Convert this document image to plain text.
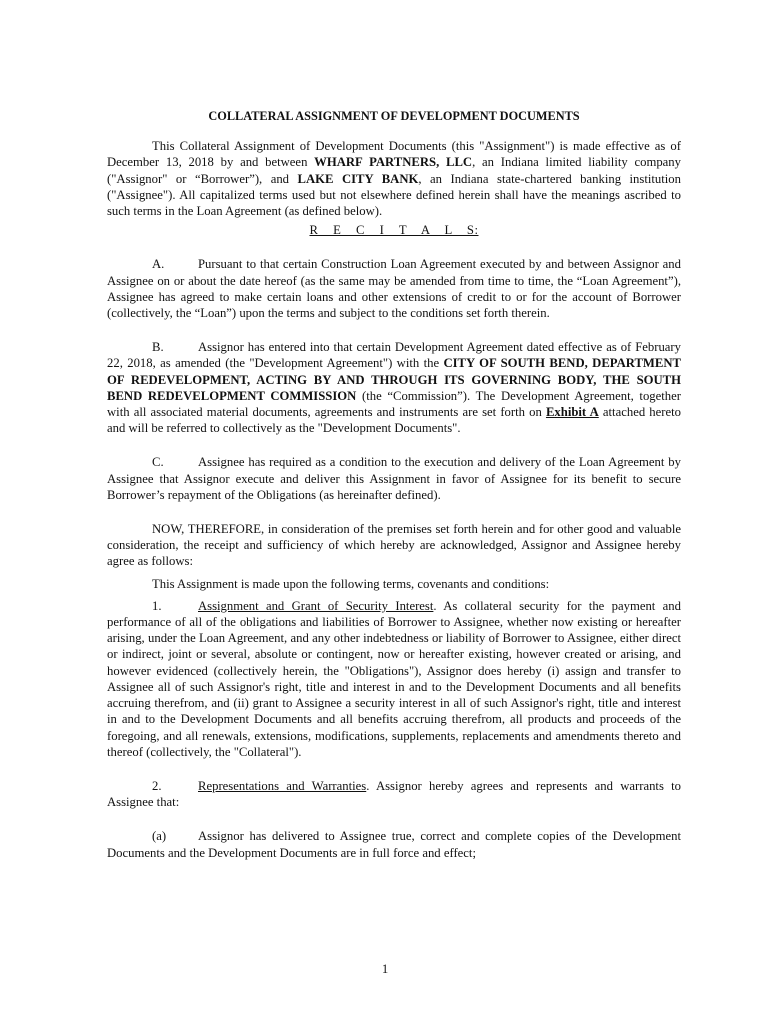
COLLATERAL ASSIGNMENT OF DEVELOPMENT DOCUMENTS

This Collateral Assignment of Development Documents (this "Assignment") is made effective as of December 13, 2018 by and between WHARF PARTNERS, LLC, an Indiana limited liability company ("Assignor" or “Borrower”), and LAKE CITY BANK, an Indiana state-chartered banking institution ("Assignee"). All capitalized terms used but not elsewhere defined herein shall have the meanings ascribed to such terms in the Loan Agreement (as defined below).

R E C I T A L S:

A.	Pursuant to that certain Construction Loan Agreement executed by and between Assignor and Assignee on or about the date hereof (as the same may be amended from time to time, the “Loan Agreement”), Assignee has agreed to make certain loans and other extensions of credit to or for the account of Borrower (collectively, the “Loan”) upon the terms and subject to the conditions set forth therein.

B.	Assignor has entered into that certain Development Agreement dated effective as of February 22, 2018, as amended (the "Development Agreement") with the CITY OF SOUTH BEND, DEPARTMENT OF REDEVELOPMENT, ACTING BY AND THROUGH ITS GOVERNING BODY, THE SOUTH BEND REDEVELOPMENT COMMISSION (the “Commission”). The Development Agreement, together with all associated material documents, agreements and instruments are set forth on Exhibit A attached hereto and will be referred to collectively as the "Development Documents".

C.	Assignee has required as a condition to the execution and delivery of the Loan Agreement by Assignee that Assignor execute and deliver this Assignment in favor of Assignee for its benefit to secure Borrower’s repayment of the Obligations (as hereinafter defined).

NOW, THEREFORE, in consideration of the premises set forth herein and for other good and valuable consideration, the receipt and sufficiency of which hereby are acknowledged, Assignor and Assignee hereby agree as follows:

This Assignment is made upon the following terms, covenants and conditions:

1.	Assignment and Grant of Security Interest. As collateral security for the payment and performance of all of the obligations and liabilities of Borrower to Assignee, whether now existing or hereafter arising, under the Loan Agreement, and any other indebtedness or liability of Borrower to Assignee, either direct or indirect, joint or several, absolute or contingent, now or hereafter existing, however created or arising, and however evidenced (collectively herein, the "Obligations"), Assignor does hereby (i) assign and transfer to Assignee all of such Assignor's right, title and interest in and to the Development Documents and all benefits accruing therefrom, and (ii) grant to Assignee a security interest in all of such Assignor's right, title and interest in and to the Development Documents and all benefits accruing therefrom, all products and proceeds of the foregoing, and all renewals, extensions, modifications, supplements, replacements and amendments thereto and thereof (collectively, the "Collateral").

2.	Representations and Warranties. Assignor hereby agrees and represents and warrants to Assignee that:

(a)	Assignor has delivered to Assignee true, correct and complete copies of the Development Documents and the Development Documents are in full force and effect;

1
